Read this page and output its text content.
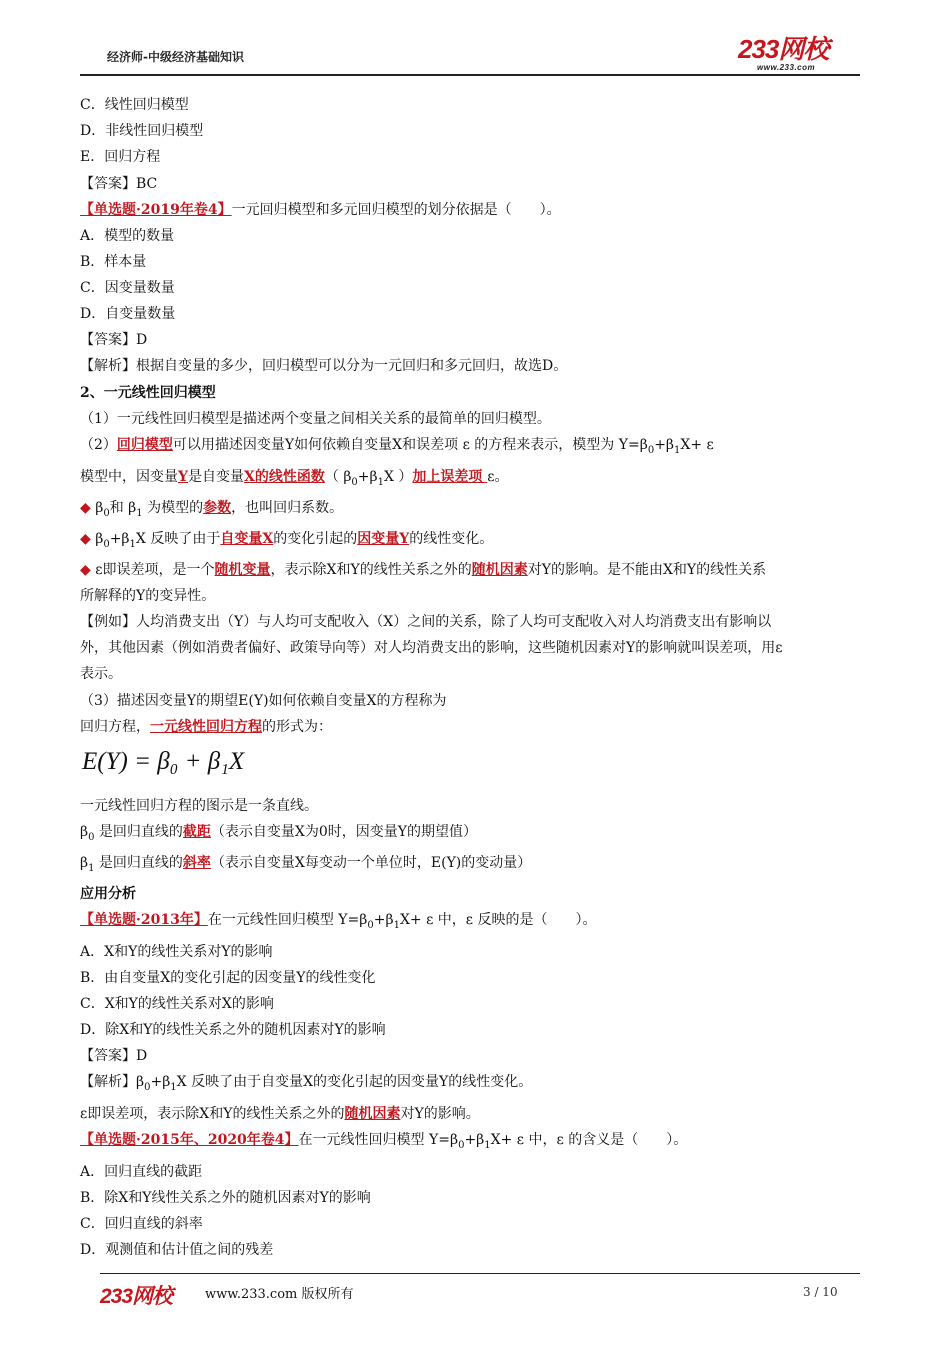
经济师-中级经济基础知识	233网校
www.233.com
C．线性回归模型
D．非线性回归模型
E．回归方程
【答案】BC
【单选题·2019年卷4】一元回归模型和多元回归模型的划分依据是（　　）。
A．模型的数量
B．样本量
C．因变量数量
D．自变量数量
【答案】D
【解析】根据自变量的多少，回归模型可以分为一元回归和多元回归，故选D。
2、一元线性回归模型
（1）一元线性回归模型是描述两个变量之间相关关系的最简单的回归模型。
（2）回归模型可以用描述因变量Y如何依赖自变量X和误差项 ε 的方程来表示，模型为 $Y=\beta_0+\beta_1X+ \varepsilon$
模型中，因变量Y是自变量X的线性函数（ $\beta_0+\beta_1X$ ）加上误差项 ε。
◆ $\beta_0$和 $\beta_1$ 为模型的参数，也叫回归系数。
◆ $\beta_0+\beta_1X$ 反映了由于自变量X的变化引起的因变量Y的线性变化。
◆ ε即误差项，是一个随机变量，表示除X和Y的线性关系之外的随机因素对Y的影响。是不能由X和Y的线性关系
所解释的Y的变异性。
【例如】人均消费支出（Y）与人均可支配收入（X）之间的关系，除了人均可支配收入对人均消费支出有影响以
外，其他因素（例如消费者偏好、政策导向等）对人均消费支出的影响，这些随机因素对Y的影响就叫误差项，用ε
表示。
（3）描述因变量Y的期望E(Y)如何依赖自变量X的方程称为
回归方程，一元线性回归方程的形式为：
E(Y) = β₀ + β₁X
一元线性回归方程的图示是一条直线。
$\beta_0$ 是回归直线的截距（表示自变量X为0时，因变量Y的期望值）
$\beta_1$ 是回归直线的斜率（表示自变量X每变动一个单位时，E(Y)的变动量）
应用分析
【单选题·2013年】在一元线性回归模型 $Y=\beta_0+\beta_1X+ \varepsilon$ 中，ε 反映的是（　　）。
A．X和Y的线性关系对Y的影响
B．由自变量X的变化引起的因变量Y的线性变化
C．X和Y的线性关系对X的影响
D．除X和Y的线性关系之外的随机因素对Y的影响
【答案】D
【解析】$\beta_0+\beta_1X$ 反映了由于自变量X的变化引起的因变量Y的线性变化。
ε即误差项，表示除X和Y的线性关系之外的随机因素对Y的影响。
【单选题·2015年、2020年卷4】在一元线性回归模型 $Y=\beta_0+\beta_1X+ \varepsilon$ 中，ε 的含义是（　　）。
A．回归直线的截距
B．除X和Y线性关系之外的随机因素对Y的影响
C．回归直线的斜率
D．观测值和估计值之间的残差
233网校	www.233.com 版权所有	3 / 10
